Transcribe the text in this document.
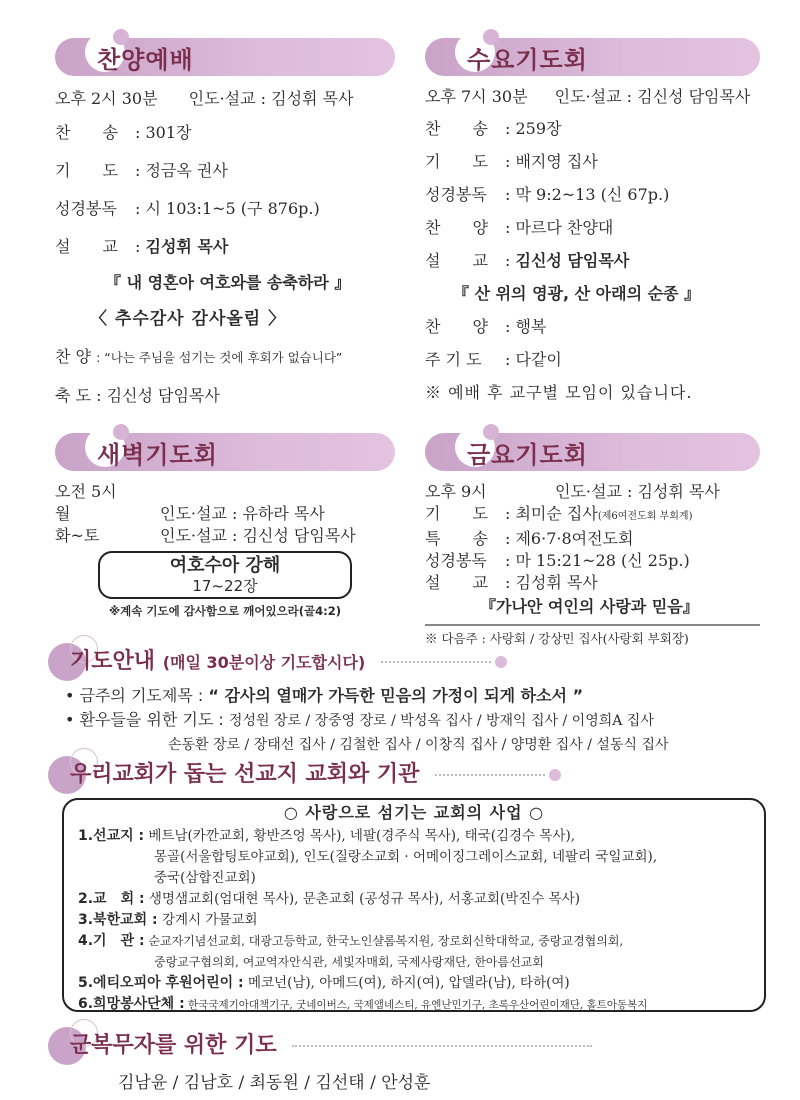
찬양예배
오후 2시 30분 인도·설교 : 김성휘 목사
찬　　송 : 301장
기　　도 : 정금옥 권사
성경봉독 : 시 103:1~5 (구 876p.)
설　　교 : 김성휘 목사
『 내 영혼아 여호와를 송축하라 』
〈 추수감사 감사올림 〉
찬 양 : “나는 주님을 섬기는 것에 후회가 없습니다”
축 도 : 김신성 담임목사
수요기도회
오후 7시 30분 인도·설교 : 김신성 담임목사
찬　　송 : 259장
기　　도 : 배지영 집사
성경봉독 : 막 9:2~13 (신 67p.)
찬　　양 : 마르다 찬양대
설　　교 : 김신성 담임목사
『 산 위의 영광, 산 아래의 순종 』
찬　　양 : 행복
주 기 도 : 다같이
※ 예배 후 교구별 모임이 있습니다.
새벽기도회
오전 5시
월	인도·설교 : 유하라 목사
화~토	인도·설교 : 김신성 담임목사
여호수아 강해
17~22장
※계속 기도에 감사함으로 깨어있으라(골4:2)
금요기도회
오후 9시	인도·설교 : 김성휘 목사
기　　도 : 최미순 집사(제6여전도회 부회계)
특　　송 : 제6·7·8여전도회
성경봉독 : 마 15:21~28 (신 25p.)
설　　교 : 김성휘 목사
『가나안 여인의 사랑과 믿음』
※ 다음주 : 사랑회 / 강상민 집사(사랑회 부회장)
기도안내 (매일 30분이상 기도합시다)
• 금주의 기도제목 : “ 감사의 열매가 가득한 믿음의 가정이 되게 하소서 ”
• 환우들을 위한 기도 : 정성원 장로 / 장중영 장로 / 박성옥 집사 / 방재익 집사 / 이영희A 집사
손동환 장로 / 장태선 집사 / 김철한 집사 / 이창직 집사 / 양명환 집사 / 설동식 집사
우리교회가 돕는 선교지 교회와 기관
○ 사랑으로 섬기는 교회의 사업 ○
1.선교지 : 베트남(카깐교회, 황반즈엉 목사), 네팔(경주식 목사), 태국(김경수 목사),
몽골(서울합팅토야교회), 인도(질랑소교회 · 어메이징그레이스교회, 네팔리 국일교회),
중국(삼합진교회)
2.교　회 : 생명샘교회(엄대현 목사), 문촌교회 (공성규 목사), 서홍교회(박진수 목사)
3.북한교회 : 강계시 가물교회
4.기　관 : 순교자기념선교회, 대광고등학교, 한국노인샬롬복지원, 장로회신학대학교, 중랑교경협의회,
중랑교구협의회, 여교역자안식관, 세빛자매회, 국제사랑재단, 한아름선교회
5.에티오피아 후원어린이 : 메코넌(남), 아메드(여), 하지(여), 압델라(남), 타하(여)
6.희망봉사단체 : 한국국제기아대책기구, 굿네이버스, 국제앰네스티, 유엔난민기구, 초록우산어린이재단, 홀트아동복지
군복무자를 위한 기도
김남윤 / 김남호 / 최동원 / 김선태 / 안성훈
